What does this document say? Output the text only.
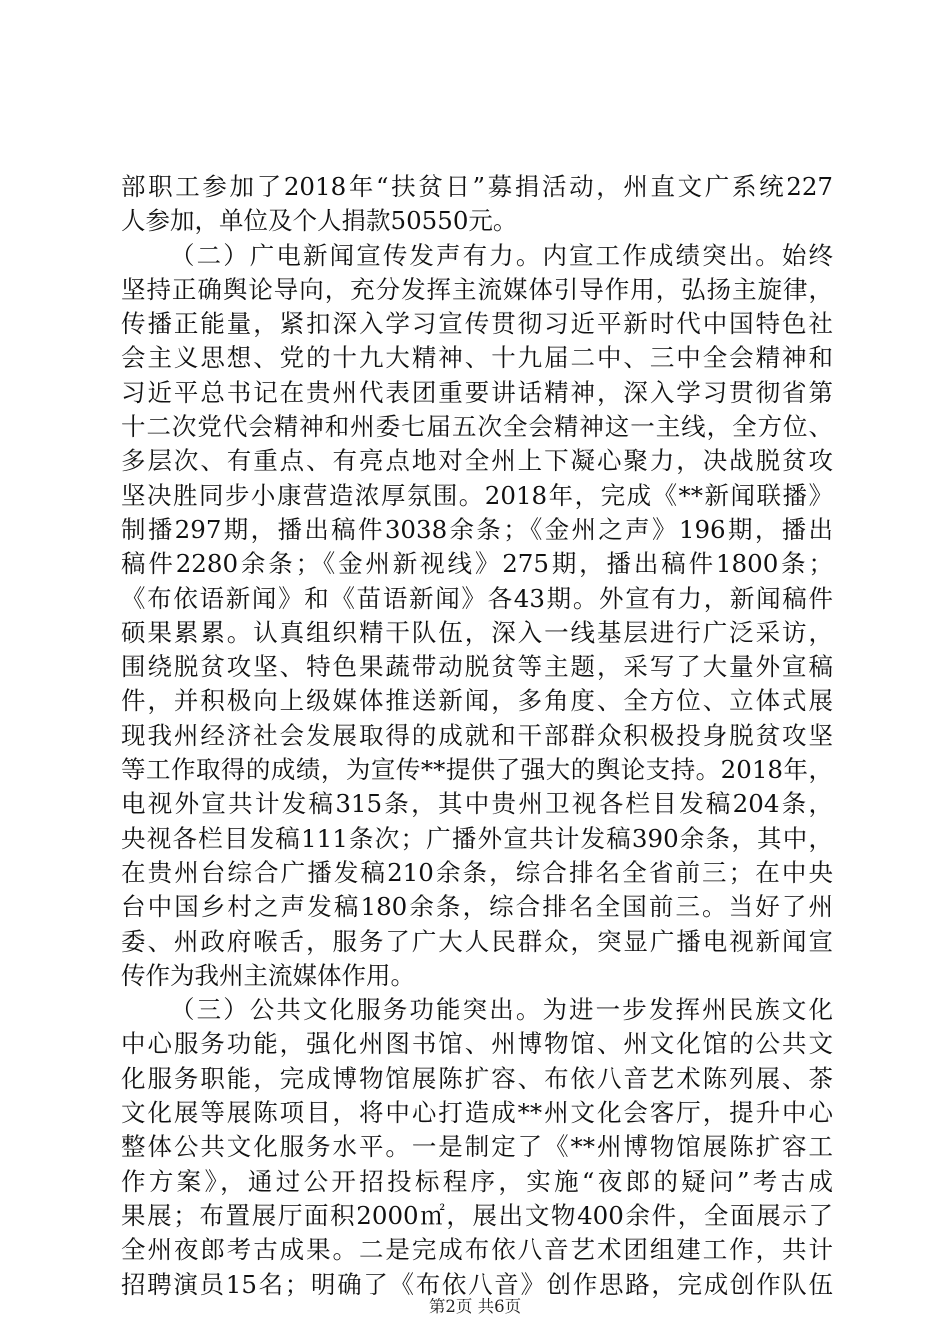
部职工参加了2018年“扶贫日”募捐活动，州直文广系统227
人参加，单位及个人捐款50550元。
（二）广电新闻宣传发声有力。内宣工作成绩突出。始终
坚持正确舆论导向，充分发挥主流媒体引导作用，弘扬主旋律，
传播正能量，紧扣深入学习宣传贯彻习近平新时代中国特色社
会主义思想、党的十九大精神、十九届二中、三中全会精神和
习近平总书记在贵州代表团重要讲话精神，深入学习贯彻省第
十二次党代会精神和州委七届五次全会精神这一主线，全方位、
多层次、有重点、有亮点地对全州上下凝心聚力，决战脱贫攻
坚决胜同步小康营造浓厚氛围。2018年，完成《**新闻联播》
制播297期，播出稿件3038余条；《金州之声》196期，播出
稿件2280余条；《金州新视线》275期，播出稿件1800条；
《布依语新闻》和《苗语新闻》各43期。外宣有力，新闻稿件
硕果累累。认真组织精干队伍，深入一线基层进行广泛采访，
围绕脱贫攻坚、特色果蔬带动脱贫等主题，采写了大量外宣稿
件，并积极向上级媒体推送新闻，多角度、全方位、立体式展
现我州经济社会发展取得的成就和干部群众积极投身脱贫攻坚
等工作取得的成绩，为宣传**提供了强大的舆论支持。2018年，
电视外宣共计发稿315条，其中贵州卫视各栏目发稿204条，
央视各栏目发稿111条次；广播外宣共计发稿390余条，其中，
在贵州台综合广播发稿210余条，综合排名全省前三；在中央
台中国乡村之声发稿180余条，综合排名全国前三。当好了州
委、州政府喉舌，服务了广大人民群众，突显广播电视新闻宣
传作为我州主流媒体作用。
（三）公共文化服务功能突出。为进一步发挥州民族文化
中心服务功能，强化州图书馆、州博物馆、州文化馆的公共文
化服务职能，完成博物馆展陈扩容、布依八音艺术陈列展、茶
文化展等展陈项目，将中心打造成**州文化会客厅，提升中心
整体公共文化服务水平。一是制定了《**州博物馆展陈扩容工
作方案》，通过公开招投标程序，实施“夜郎的疑问”考古成
果展；布置展厅面积2000㎡，展出文物400余件，全面展示了
全州夜郎考古成果。二是完成布依八音艺术团组建工作，共计
招聘演员15名；明确了《布依八音》创作思路，完成创作队伍
第2页 共6页
